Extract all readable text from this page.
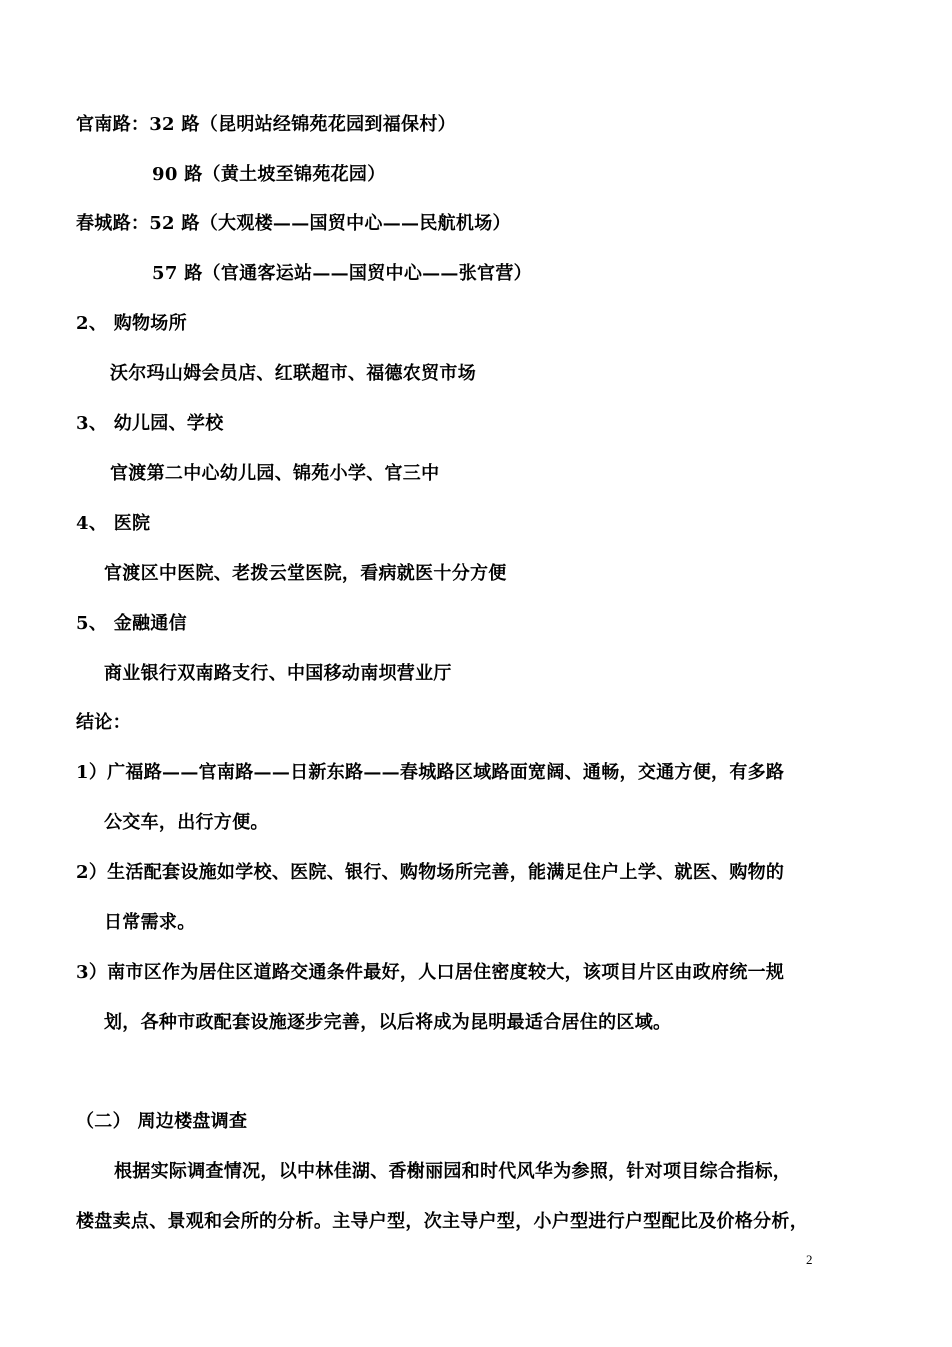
官南路：32 路（昆明站经锦苑花园到福保村）
90 路（黄土坡至锦苑花园）
春城路：52 路（大观楼——国贸中心——民航机场）
57 路（官通客运站——国贸中心——张官营）
2、 购物场所
沃尔玛山姆会员店、红联超市、福德农贸市场
3、 幼儿园、学校
官渡第二中心幼儿园、锦苑小学、官三中
4、 医院
官渡区中医院、老拨云堂医院，看病就医十分方便
5、 金融通信
商业银行双南路支行、中国移动南坝营业厅
结论：
1）广福路——官南路——日新东路——春城路区域路面宽阔、通畅，交通方便，有多路
公交车，出行方便。
2）生活配套设施如学校、医院、银行、购物场所完善，能满足住户上学、就医、购物的
日常需求。
3）南市区作为居住区道路交通条件最好，人口居住密度较大，该项目片区由政府统一规
划，各种市政配套设施逐步完善，以后将成为昆明最适合居住的区域。
（二） 周边楼盘调查
根据实际调查情况，以中林佳湖、香榭丽园和时代风华为参照，针对项目综合指标，
楼盘卖点、景观和会所的分析。主导户型，次主导户型，小户型进行户型配比及价格分析，
2
